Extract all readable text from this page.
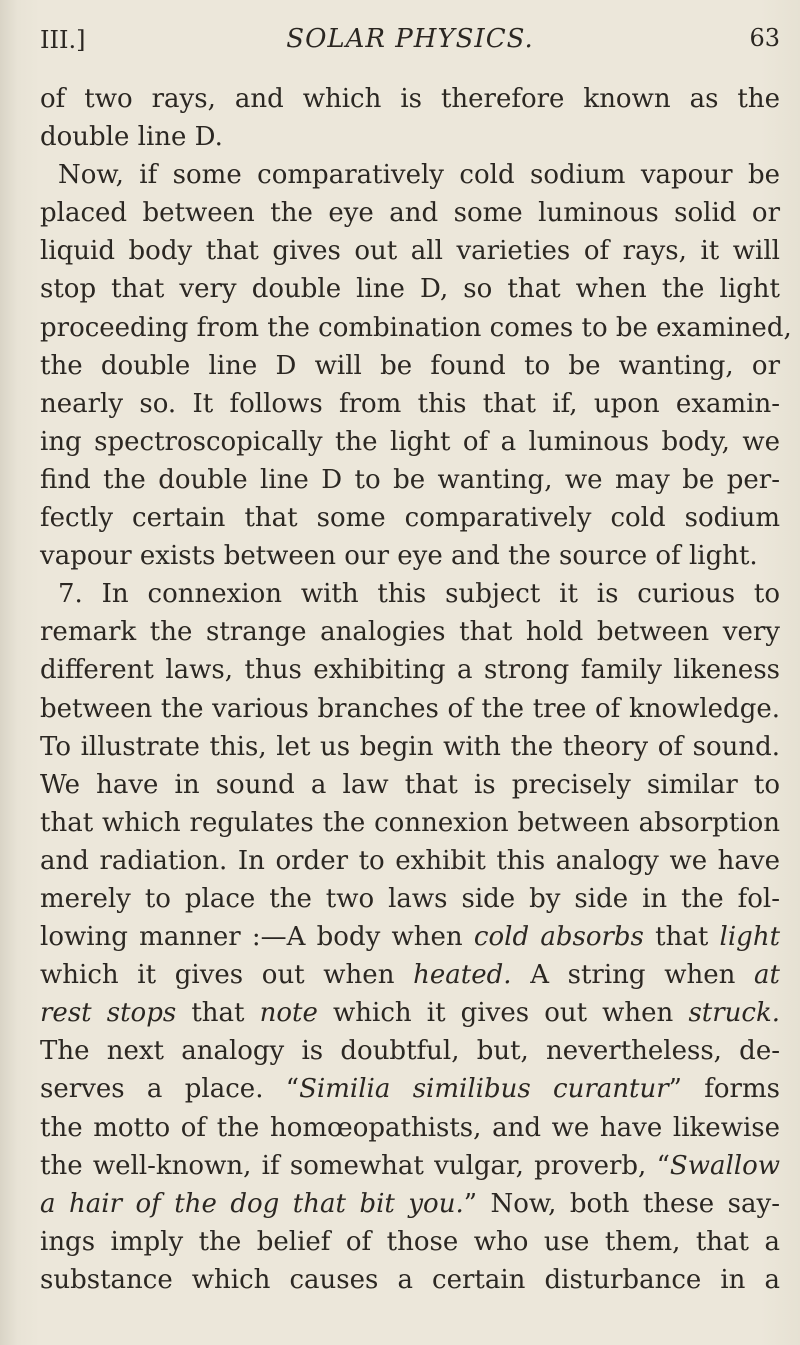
III.]	SOLAR PHYSICS.	63
of two rays, and which is therefore known as the
double line D.
Now, if some comparatively cold sodium vapour be
placed between the eye and some luminous solid or
liquid body that gives out all varieties of rays, it will
stop that very double line D, so that when the light
proceeding from the combination comes to be examined,
the double line D will be found to be wanting, or
nearly so. It follows from this that if, upon examin-
ing spectroscopically the light of a luminous body, we
find the double line D to be wanting, we may be per-
fectly certain that some comparatively cold sodium
vapour exists between our eye and the source of light.
7. In connexion with this subject it is curious to
remark the strange analogies that hold between very
different laws, thus exhibiting a strong family likeness
between the various branches of the tree of knowledge.
To illustrate this, let us begin with the theory of sound.
We have in sound a law that is precisely similar to
that which regulates the connexion between absorption
and radiation. In order to exhibit this analogy we have
merely to place the two laws side by side in the fol-
lowing manner :—A body when cold absorbs that light
which it gives out when heated. A string when at
rest stops that note which it gives out when struck.
The next analogy is doubtful, but, nevertheless, de-
serves a place. “Similia similibus curantur” forms
the motto of the homœopathists, and we have likewise
the well-known, if somewhat vulgar, proverb, “Swallow
a hair of the dog that bit you.” Now, both these say-
ings imply the belief of those who use them, that a
substance which causes a certain disturbance in a
